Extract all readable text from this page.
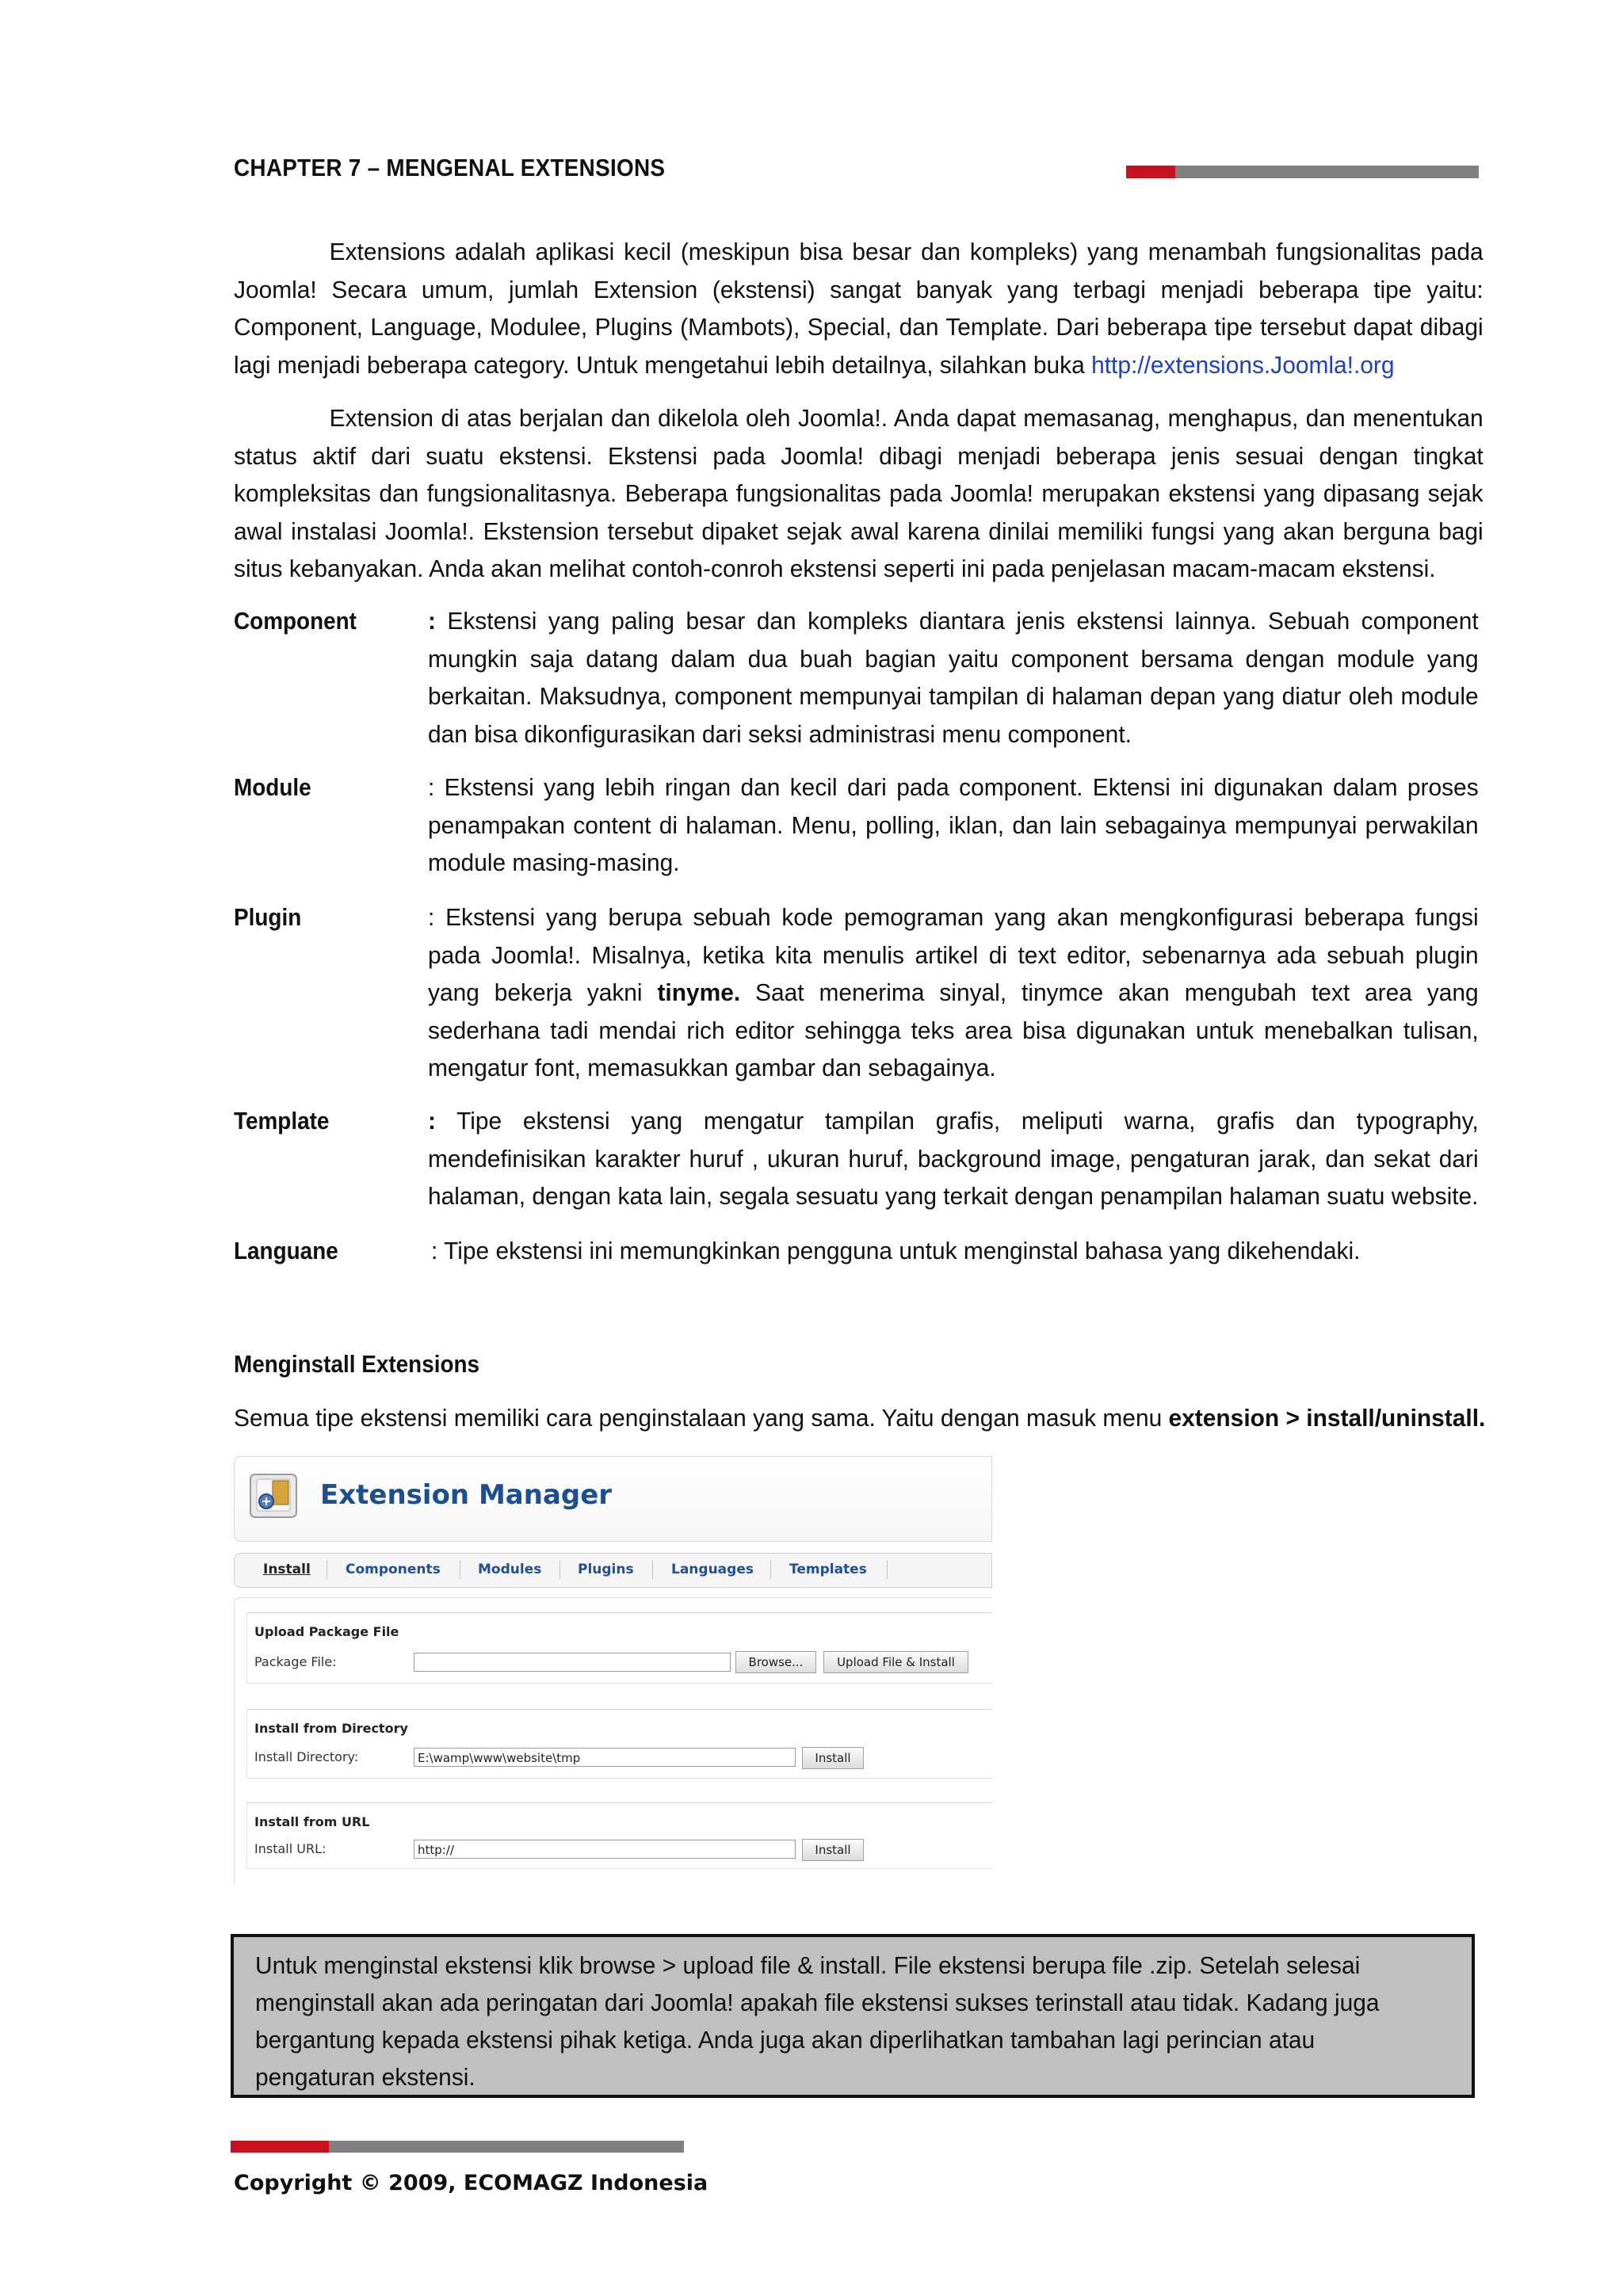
CHAPTER 7 – MENGENAL EXTENSIONS

Extensions adalah aplikasi kecil (meskipun bisa besar dan kompleks) yang menambah fungsionalitas pada Joomla! Secara umum, jumlah Extension (ekstensi) sangat banyak yang terbagi menjadi beberapa tipe yaitu: Component, Language, Modulee, Plugins (Mambots), Special, dan Template. Dari beberapa tipe tersebut dapat dibagi lagi menjadi beberapa category. Untuk mengetahui lebih detailnya, silahkan buka http://extensions.Joomla!.org

Extension di atas berjalan dan dikelola oleh Joomla!. Anda dapat memasanag, menghapus, dan menentukan status aktif dari suatu ekstensi. Ekstensi pada Joomla! dibagi menjadi beberapa jenis sesuai dengan tingkat kompleksitas dan fungsionalitasnya. Beberapa fungsionalitas pada Joomla! merupakan ekstensi yang dipasang sejak awal instalasi Joomla!. Ekstension tersebut dipaket sejak awal karena dinilai memiliki fungsi yang akan berguna bagi situs kebanyakan. Anda akan melihat contoh-conroh ekstensi seperti ini pada penjelasan macam-macam ekstensi.

Component	: Ekstensi yang paling besar dan kompleks diantara jenis ekstensi lainnya. Sebuah component mungkin saja datang dalam dua buah bagian yaitu component bersama dengan module yang berkaitan. Maksudnya, component mempunyai tampilan di halaman depan yang diatur oleh module dan bisa dikonfigurasikan dari seksi administrasi menu component.
Module	: Ekstensi yang lebih ringan dan kecil dari pada component. Ektensi ini digunakan dalam proses penampakan content di halaman. Menu, polling, iklan, dan lain sebagainya mempunyai perwakilan module masing-masing.
Plugin	: Ekstensi yang berupa sebuah kode pemograman yang akan mengkonfigurasi beberapa fungsi pada Joomla!. Misalnya, ketika kita menulis artikel di text editor, sebenarnya ada sebuah plugin yang bekerja yakni tinyme. Saat menerima sinyal, tinymce akan mengubah text area yang sederhana tadi mendai rich editor sehingga teks area bisa digunakan untuk menebalkan tulisan, mengatur font, memasukkan gambar dan sebagainya.
Template	: Tipe ekstensi yang mengatur tampilan grafis, meliputi warna, grafis dan typography, mendefinisikan karakter huruf , ukuran huruf, background image, pengaturan jarak, dan sekat dari halaman, dengan kata lain, segala sesuatu yang terkait dengan penampilan halaman suatu website.
Languane	: Tipe ekstensi ini memungkinkan pengguna untuk menginstal bahasa yang dikehendaki.
Menginstall Extensions
Semua tipe ekstensi memiliki cara penginstalaan yang sama. Yaitu dengan masuk menu extension > install/uninstall.
Extension Manager
Install	Components	Modules	Plugins	Languages	Templates
Upload Package File
Package File:	Browse...	Upload File & Install
Install from Directory
Install Directory:	E:\wamp\www\website\tmp	Install
Install from URL
Install URL:	http://	Install
Untuk menginstal ekstensi klik browse > upload file & install. File ekstensi berupa file .zip. Setelah selesai menginstall akan ada peringatan dari Joomla! apakah file ekstensi sukses terinstall atau tidak. Kadang juga bergantung kepada ekstensi pihak ketiga. Anda juga akan diperlihatkan tambahan lagi perincian atau pengaturan ekstensi.
Copyright © 2009, ECOMAGZ Indonesia
